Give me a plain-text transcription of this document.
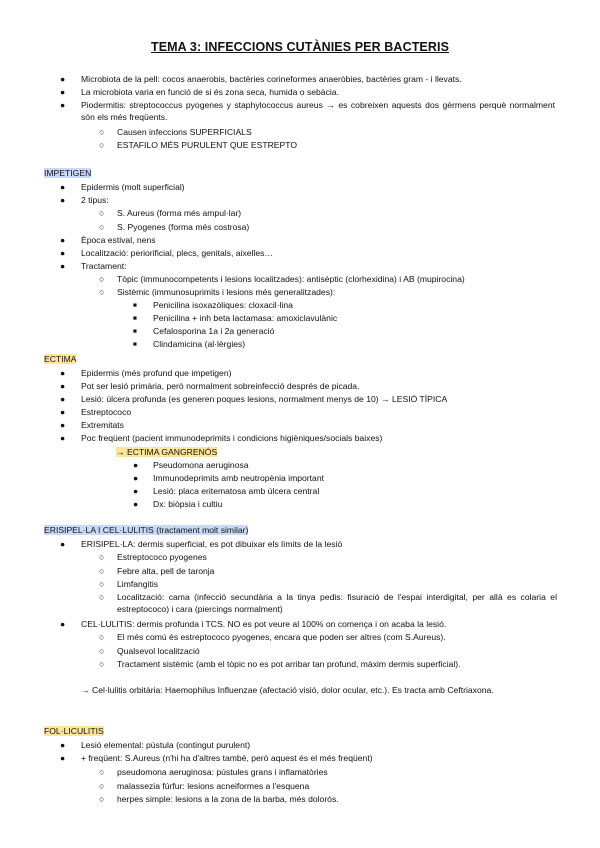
TEMA 3: INFECCIONS CUTÀNIES PER BACTERIS
● Microbiota de la pell: cocos anaerobis, bactèries corineformes anaeròbies, bactèries gram - i llevats.
● La microbiota varia en funció de si és zona seca, humida o sebàcia.
● Piodermitis: streptococcus pyogenes y staphylococcus aureus → es cobreixen aquests dos gèrmens perquè normalment són els més freqüents.
○ Causen infeccions SUPERFICIALS
○ ESTAFILO MÉS PURULENT QUE ESTREPTO
IMPETIGEN
● Epidermis (molt superficial)
● 2 tipus:
○ S. Aureus (forma més ampul·lar)
○ S. Pyogenes (forma més costrosa)
● Època estival, nens
● Localització: periorificial, plecs, genitals, aixelles…
● Tractament:
○ Tòpic (immunocompetents i lesions localitzades): antisèptic (clorhexidina) i AB (mupirocina)
○ Sistèmic (immunosuprimits i lesions més generalitzades):
■ Penicilina isoxazòliques: cloxacil·lina
■ Penicilina + inh beta lactamasa: amoxiclavulànic
■ Cefalosporina 1a i 2a generació
■ Clindamicina (al·lèrgies)
ECTIMA
● Epidermis (més profund que impetigen)
● Pot ser lesió primària, però normalment sobreinfecció després de picada.
● Lesió: úlcera profunda (es generen poques lesions, normalment menys de 10) → LESIÓ TÍPICA
● Estreptococo
● Extremitats
● Poc freqüent (pacient immunodeprimits i condicions higièniques/socials baixes)
→ ECTIMA GANGRENÓS
● Pseudomona aeruginosa
● Immunodeprimits amb neutropènia important
● Lesió: placa eritematosa amb úlcera central
● Dx: biòpsia i cultiu
ERISIPEL·LA I CEL·LULITIS (tractament molt similar)
● ERISIPEL·LA: dermis superficial, es pot dibuixar els límits de la lesió
○ Estreptococo pyogenes
○ Febre alta, pell de taronja
○ Limfangitis
○ Localització: cama (infecció secundària a la tinya pedis: fisuració de l'espai interdigital, per allà es colaria el estreptococo) i cara (piercings normalment)
● CEL·LULITIS: dermis profunda i TCS. NO es pot veure al 100% on comença i on acaba la lesió.
○ El més comú és estreptococo pyogenes, encara que poden ser altres (com S.Aureus).
○ Qualsevol localització
○ Tractament sistèmic (amb el tòpic no es pot arribar tan profund, màxim dermis superficial).
→ Cel·lulitis orbitària: Haemophilus Influenzae (afectació visió, dolor ocular, etc.). Es tracta amb Ceftriaxona.
FOL·LICULITIS
● Lesió elemental: pústula (contingut purulent)
● + freqüent: S.Aureus (n'hi ha d'altres també, però aquest és el més freqüent)
○ pseudomona aeruginosa: pústules grans i inflamatòries
○ malassezia fúrfur: lesions acneiformes a l'esquena
○ herpes simple: lesions a la zona de la barba, més dolorós.
